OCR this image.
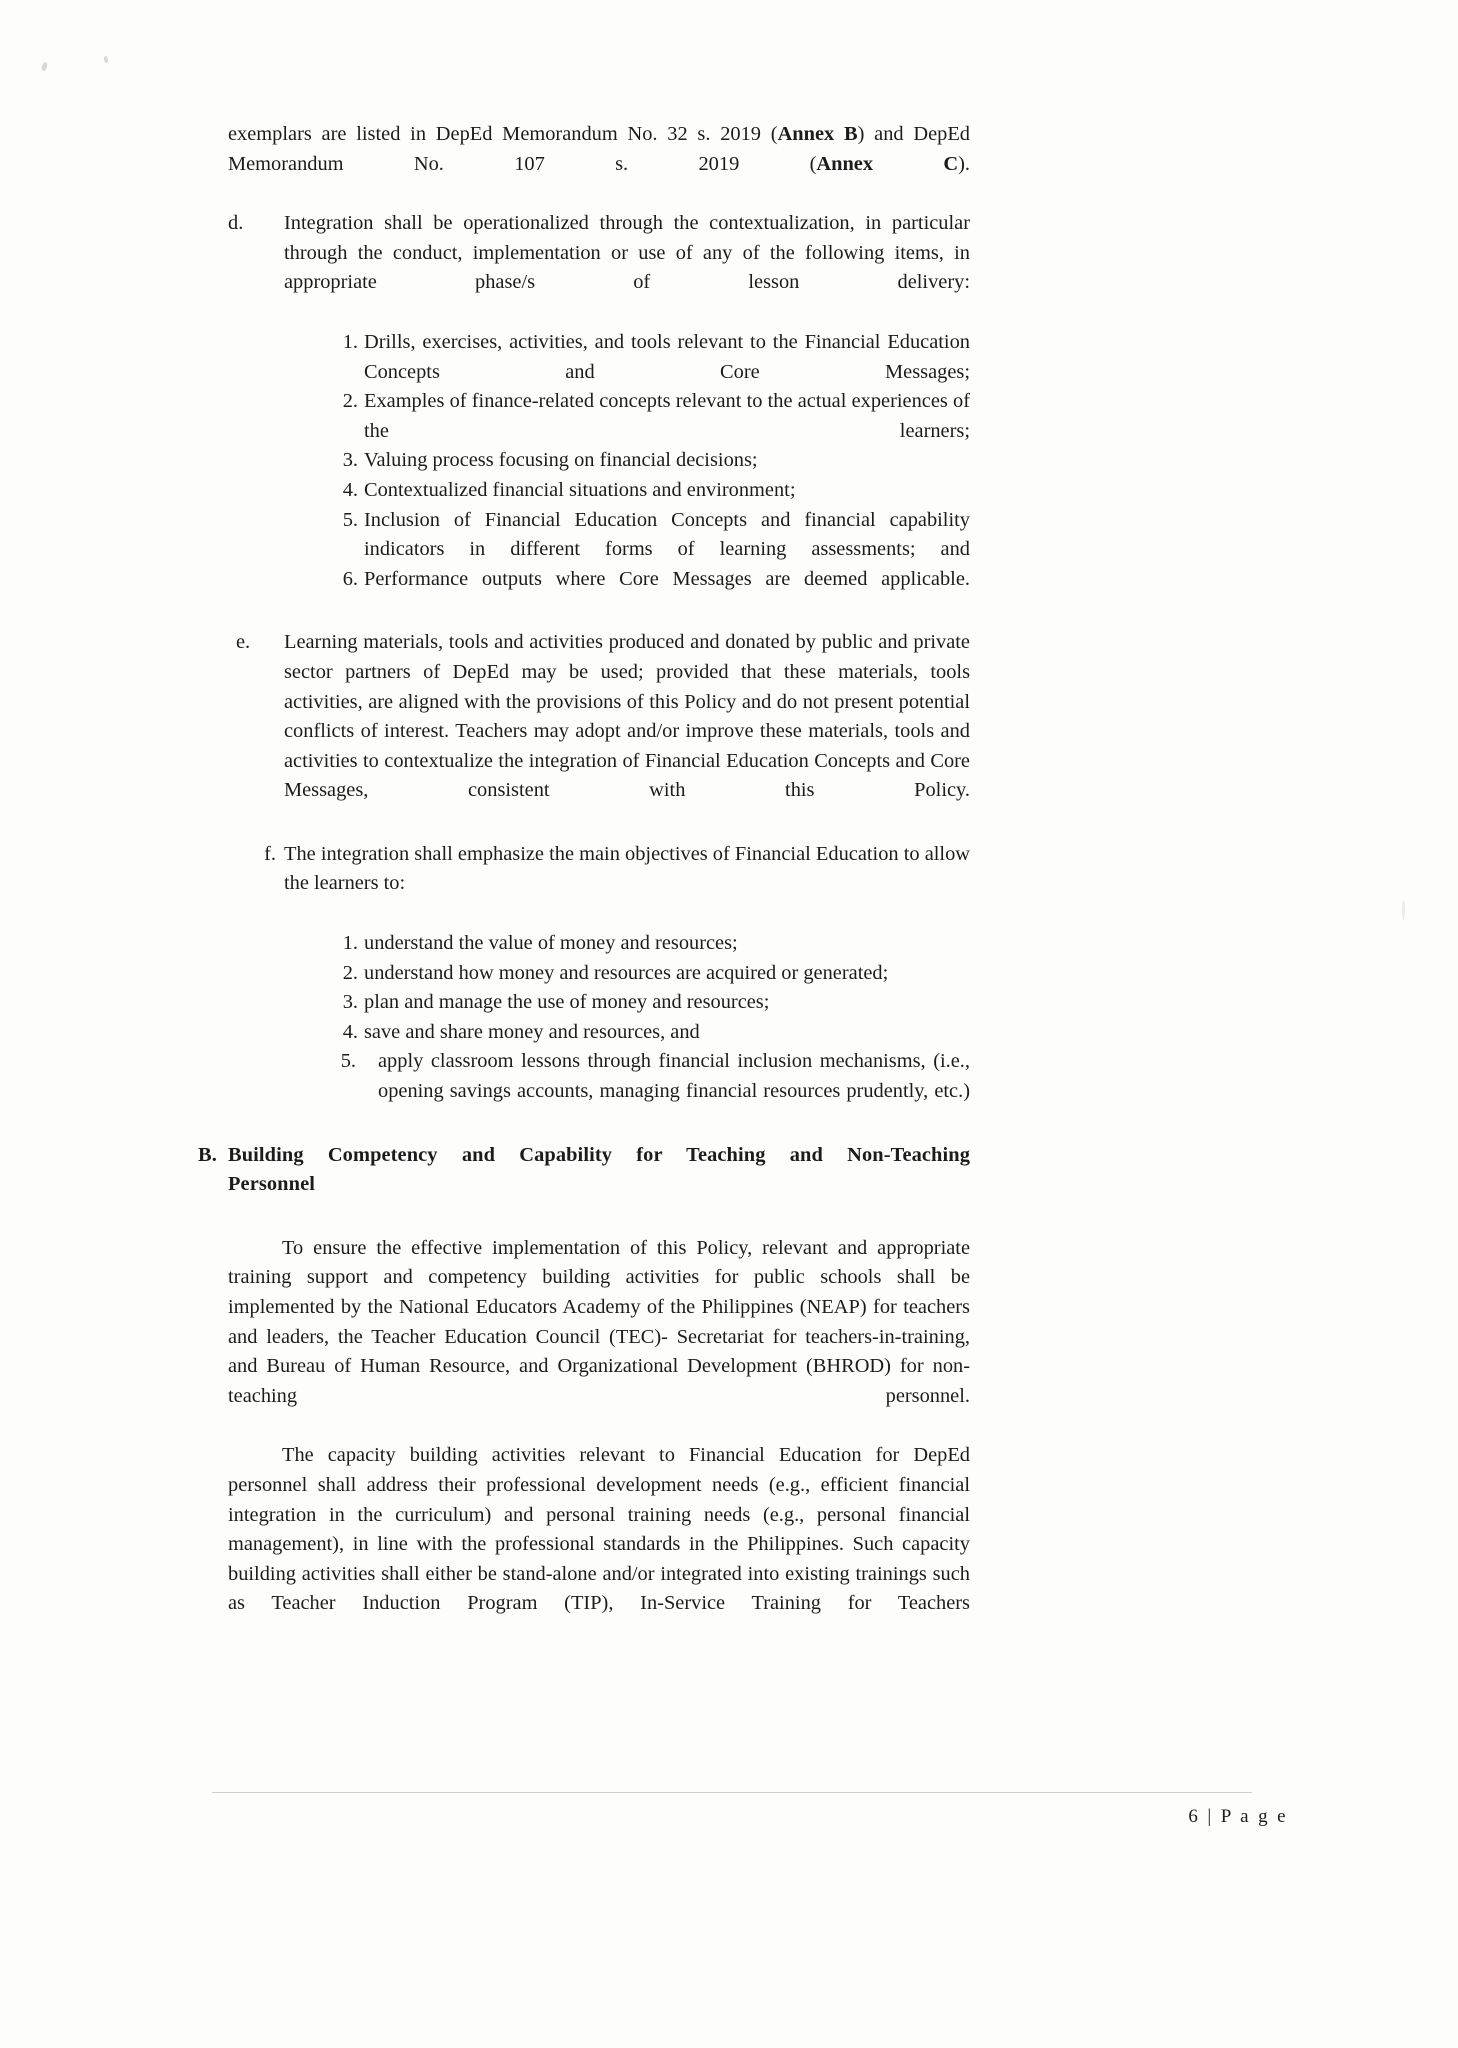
exemplars are listed in DepEd Memorandum No. 32 s. 2019 (Annex B) and DepEd Memorandum No. 107 s. 2019 (Annex C).

d.	Integration shall be operationalized through the contextualization, in particular through the conduct, implementation or use of any of the following items, in appropriate phase/s of lesson delivery:
1. Drills, exercises, activities, and tools relevant to the Financial Education Concepts and Core Messages;
2. Examples of finance-related concepts relevant to the actual experiences of the learners;
3. Valuing process focusing on financial decisions;
4. Contextualized financial situations and environment;
5. Inclusion of Financial Education Concepts and financial capability indicators in different forms of learning assessments; and
6. Performance outputs where Core Messages are deemed applicable.
e.	Learning materials, tools and activities produced and donated by public and private sector partners of DepEd may be used; provided that these materials, tools activities, are aligned with the provisions of this Policy and do not present potential conflicts of interest. Teachers may adopt and/or improve these materials, tools and activities to contextualize the integration of Financial Education Concepts and Core Messages, consistent with this Policy.
f. The integration shall emphasize the main objectives of Financial Education to allow the learners to:
1. understand the value of money and resources;
2. understand how money and resources are acquired or generated;
3. plan and manage the use of money and resources;
4. save and share money and resources, and
5.	apply classroom lessons through financial inclusion mechanisms, (i.e., opening savings accounts, managing financial resources prudently, etc.)
B. Building Competency and Capability for Teaching and Non-Teaching
Personnel

To ensure the effective implementation of this Policy, relevant and appropriate training support and competency building activities for public schools shall be implemented by the National Educators Academy of the Philippines (NEAP) for teachers and leaders, the Teacher Education Council (TEC)- Secretariat for teachers-in-training, and Bureau of Human Resource, and Organizational Development (BHROD) for non-teaching personnel.

The capacity building activities relevant to Financial Education for DepEd personnel shall address their professional development needs (e.g., efficient financial integration in the curriculum) and personal training needs (e.g., personal financial management), in line with the professional standards in the Philippines. Such capacity building activities shall either be stand-alone and/or integrated into existing trainings such as Teacher Induction Program (TIP), In-Service Training for Teachers

6 | P a g e
